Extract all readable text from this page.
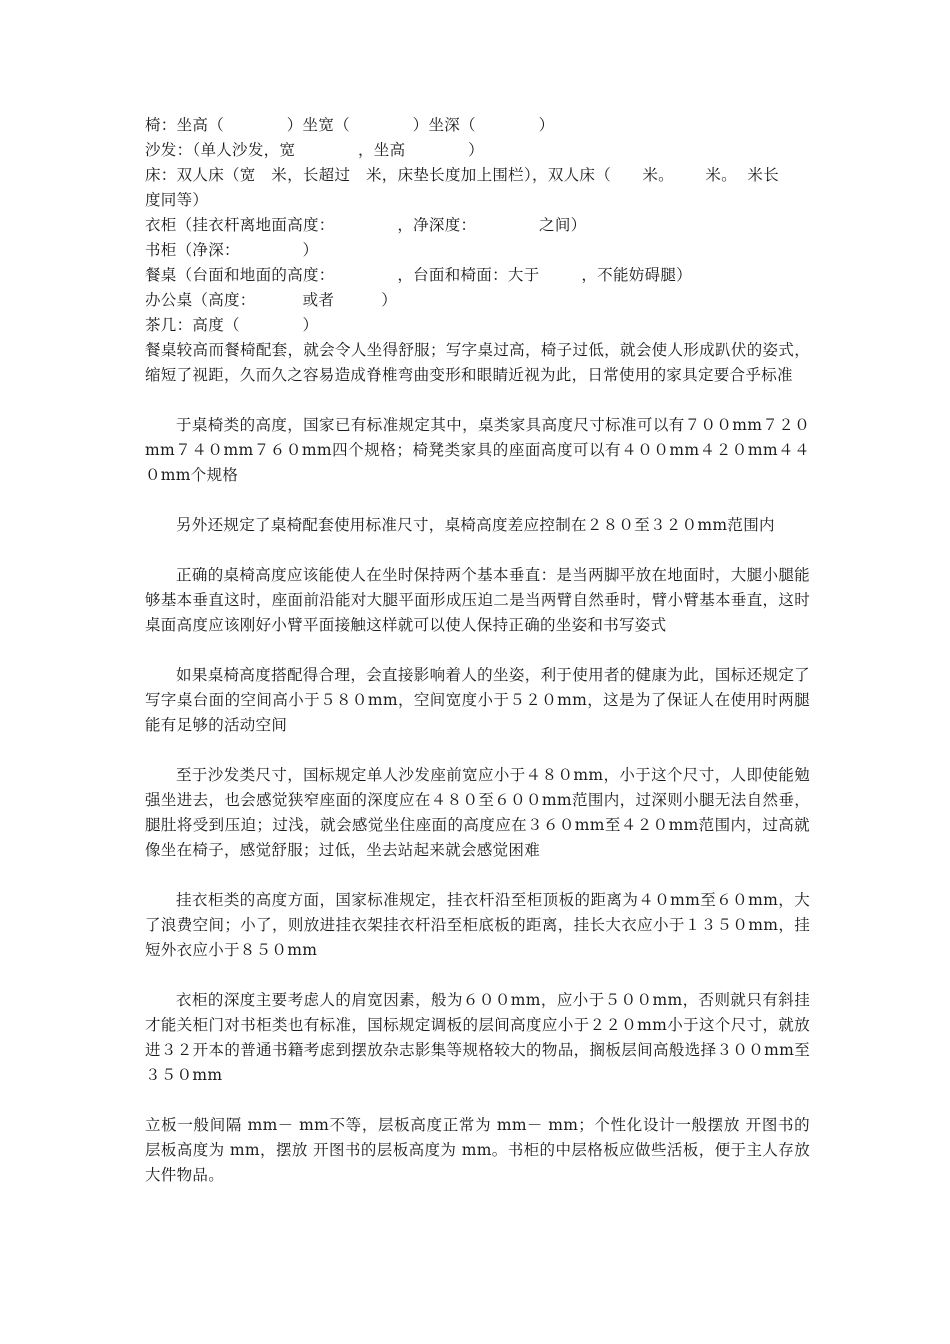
椅：坐高（            ）坐宽（            ）坐深（            ）
沙发：（单人沙发，宽            ，坐高            ）
床：双人床（宽   米，长超过   米，床垫长度加上围栏），双人床（      米。      米。  米长
度同等）
衣柜（挂衣杆离地面高度：            ，净深度：            之间）
书柜（净深：            ）
餐桌（台面和地面的高度：            ，台面和椅面：大于        ，不能妨碍腿）
办公桌（高度：         或者         ）
茶几：高度（            ）

餐桌较高而餐椅配套，就会令人坐得舒服；写字桌过高，椅子过低，就会使人形成趴伏的姿式，缩短了视距，久而久之容易造成脊椎弯曲变形和眼睛近视为此，日常使用的家具定要合乎标准

于桌椅类的高度，国家已有标准规定其中，桌类家具高度尺寸标准可以有７００mm７２０mm７４０mm７６０mm四个规格；椅凳类家具的座面高度可以有４００mm４２０mm４４０mm个规格

另外还规定了桌椅配套使用标准尺寸，桌椅高度差应控制在２８０至３２０mm范围内

正确的桌椅高度应该能使人在坐时保持两个基本垂直：是当两脚平放在地面时，大腿小腿能够基本垂直这时，座面前沿能对大腿平面形成压迫二是当两臂自然垂时，臂小臂基本垂直，这时桌面高度应该刚好小臂平面接触这样就可以使人保持正确的坐姿和书写姿式

如果桌椅高度搭配得合理，会直接影响着人的坐姿，利于使用者的健康为此，国标还规定了写字桌台面的空间高小于５８０mm，空间宽度小于５２０mm，这是为了保证人在使用时两腿能有足够的活动空间

至于沙发类尺寸，国标规定单人沙发座前宽应小于４８０mm，小于这个尺寸，人即使能勉强坐进去，也会感觉狭窄座面的深度应在４８０至６００mm范围内，过深则小腿无法自然垂，腿肚将受到压迫；过浅，就会感觉坐住座面的高度应在３６０mm至４２０mm范围内，过高就像坐在椅子，感觉舒服；过低，坐去站起来就会感觉困难

挂衣柜类的高度方面，国家标准规定，挂衣杆沿至柜顶板的距离为４０mm至６０mm，大了浪费空间；小了，则放进挂衣架挂衣杆沿至柜底板的距离，挂长大衣应小于１３５０mm，挂短外衣应小于８５０mm

衣柜的深度主要考虑人的肩宽因素，般为６００mm，应小于５００mm，否则就只有斜挂才能关柜门对书柜类也有标准，国标规定调板的层间高度应小于２２０mm小于这个尺寸，就放进３２开本的普通书籍考虑到摆放杂志影集等规格较大的物品，搁板层间高般选择３００mm至３５０mm

立板一般间隔 mm－ mm不等，层板高度正常为 mm－ mm；个性化设计一般摆放 开图书的层板高度为 mm，摆放 开图书的层板高度为 mm。书柜的中层格板应做些活板，便于主人存放大件物品。
